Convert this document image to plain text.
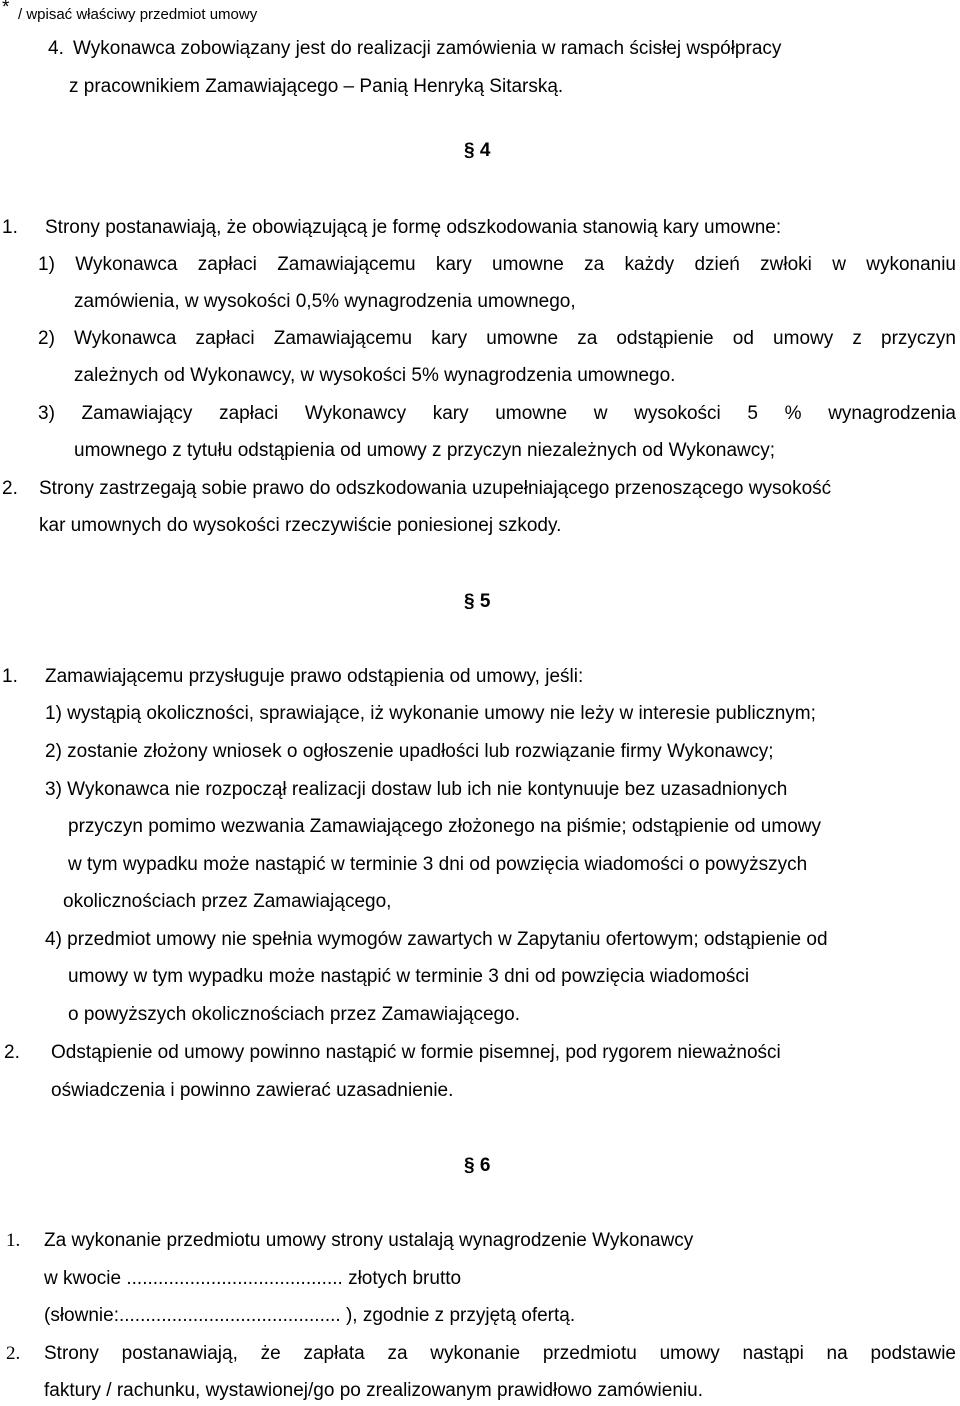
* / wpisać właściwy przedmiot umowy
4. Wykonawca zobowiązany jest do realizacji zamówienia w ramach ścisłej współpracy
z pracownikiem Zamawiającego – Panią Henryką Sitarską.
§ 4
1. Strony postanawiają, że obowiązującą je formę odszkodowania stanowią kary umowne:
1) Wykonawca zapłaci Zamawiającemu kary umowne za każdy dzień zwłoki w wykonaniu
zamówienia, w wysokości 0,5% wynagrodzenia umownego,
2) Wykonawca zapłaci Zamawiającemu kary umowne za odstąpienie od umowy z przyczyn
zależnych od Wykonawcy, w wysokości 5% wynagrodzenia umownego.
3) Zamawiający zapłaci Wykonawcy kary umowne w wysokości 5 % wynagrodzenia
umownego z tytułu odstąpienia od umowy z przyczyn niezależnych od Wykonawcy;
2. Strony zastrzegają sobie prawo do odszkodowania uzupełniającego przenoszącego wysokość
kar umownych do wysokości rzeczywiście poniesionej szkody.
§ 5
1. Zamawiającemu przysługuje prawo odstąpienia od umowy, jeśli:
1) wystąpią okoliczności, sprawiające, iż wykonanie umowy nie leży w interesie publicznym;
2) zostanie złożony wniosek o ogłoszenie upadłości lub rozwiązanie firmy Wykonawcy;
3) Wykonawca nie rozpoczął realizacji dostaw lub ich nie kontynuuje bez uzasadnionych
przyczyn pomimo wezwania Zamawiającego złożonego na piśmie; odstąpienie od umowy
w tym wypadku może nastąpić w terminie 3 dni od powzięcia wiadomości o powyższych
okolicznościach przez Zamawiającego,
4) przedmiot umowy nie spełnia wymogów zawartych w Zapytaniu ofertowym; odstąpienie od
umowy w tym wypadku może nastąpić w terminie 3 dni od powzięcia wiadomości
o powyższych okolicznościach przez Zamawiającego.
2. Odstąpienie od umowy powinno nastąpić w formie pisemnej, pod rygorem nieważności
oświadczenia i powinno zawierać uzasadnienie.
§ 6
1. Za wykonanie przedmiotu umowy strony ustalają wynagrodzenie Wykonawcy
w kwocie ......................................... złotych brutto
(słownie:.......................................... ), zgodnie z przyjętą ofertą.
2. Strony postanawiają, że zapłata za wykonanie przedmiotu umowy nastąpi na podstawie
faktury / rachunku, wystawionej/go po zrealizowanym prawidłowo zamówieniu.
